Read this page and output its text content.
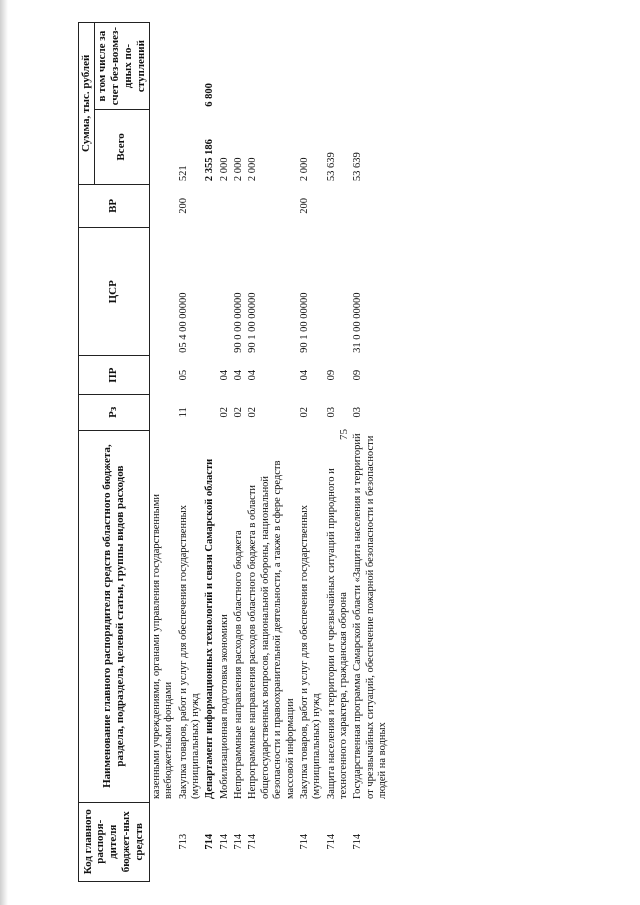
75
Код главного распоря-дителя бюджет-ных средств	Наименование главного распорядителя средств областного бюджета, раздела, подраздела, целевой статьи, группы видов расходов	Рз	ПР	ЦСР	ВР	Сумма, тыс. рублей	
						Всего	в том числе за счет без-возмез-дных по-ступлений
	казенными учреждениями, органами управления государственными внебюджетными фондами						
713	Закупка товаров, работ и услуг для обеспечения государственных (муниципальных) нужд	11	05	05 4 00 00000	200	521	
714	Департамент информационных технологий и связи Самарской области					2 355 186	6 800
714	Мобилизационная подготовка экономики	02	04			2 000	
714	Непрограммные направления расходов областного бюджета	02	04	90 0 00 00000		2 000	
714	Непрограммные направления расходов областного бюджета в области общегосударственных вопросов, национальной обороны, национальной безопасности и правоохранительной деятельности, а также в сфере средств массовой информации	02	04	90 1 00 00000		2 000	
714	Закупка товаров, работ и услуг для обеспечения государственных (муниципальных) нужд	02	04	90 1 00 00000	200	2 000	
714	Защита населения и территории от чрезвычайных ситуаций природного и техногенного характера, гражданская оборона	03	09			53 639	
714	Государственная программа Самарской области «Защита населения и территорий от чрезвычайных ситуаций, обеспечение пожарной безопасности и безопасности людей на водных	03	09	31 0 00 00000		53 639	
